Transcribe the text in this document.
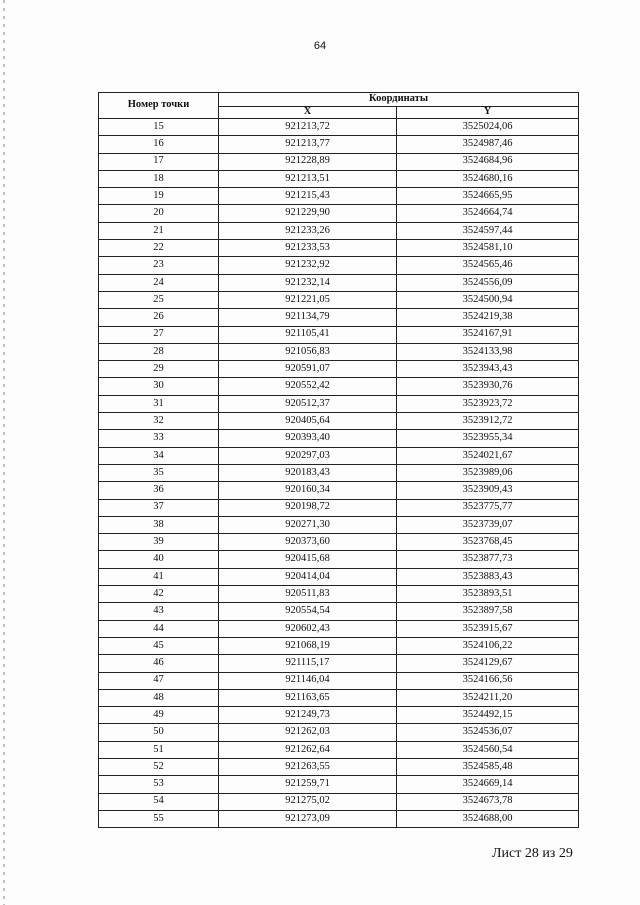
64
Номер точки	Координаты	
	X	Y
15	921213,72	3525024,06
16	921213,77	3524987,46
17	921228,89	3524684,96
18	921213,51	3524680,16
19	921215,43	3524665,95
20	921229,90	3524664,74
21	921233,26	3524597,44
22	921233,53	3524581,10
23	921232,92	3524565,46
24	921232,14	3524556,09
25	921221,05	3524500,94
26	921134,79	3524219,38
27	921105,41	3524167,91
28	921056,83	3524133,98
29	920591,07	3523943,43
30	920552,42	3523930,76
31	920512,37	3523923,72
32	920405,64	3523912,72
33	920393,40	3523955,34
34	920297,03	3524021,67
35	920183,43	3523989,06
36	920160,34	3523909,43
37	920198,72	3523775,77
38	920271,30	3523739,07
39	920373,60	3523768,45
40	920415,68	3523877,73
41	920414,04	3523883,43
42	920511,83	3523893,51
43	920554,54	3523897,58
44	920602,43	3523915,67
45	921068,19	3524106,22
46	921115,17	3524129,67
47	921146,04	3524166,56
48	921163,65	3524211,20
49	921249,73	3524492,15
50	921262,03	3524536,07
51	921262,64	3524560,54
52	921263,55	3524585,48
53	921259,71	3524669,14
54	921275,02	3524673,78
55	921273,09	3524688,00
Лист 28 из 29
